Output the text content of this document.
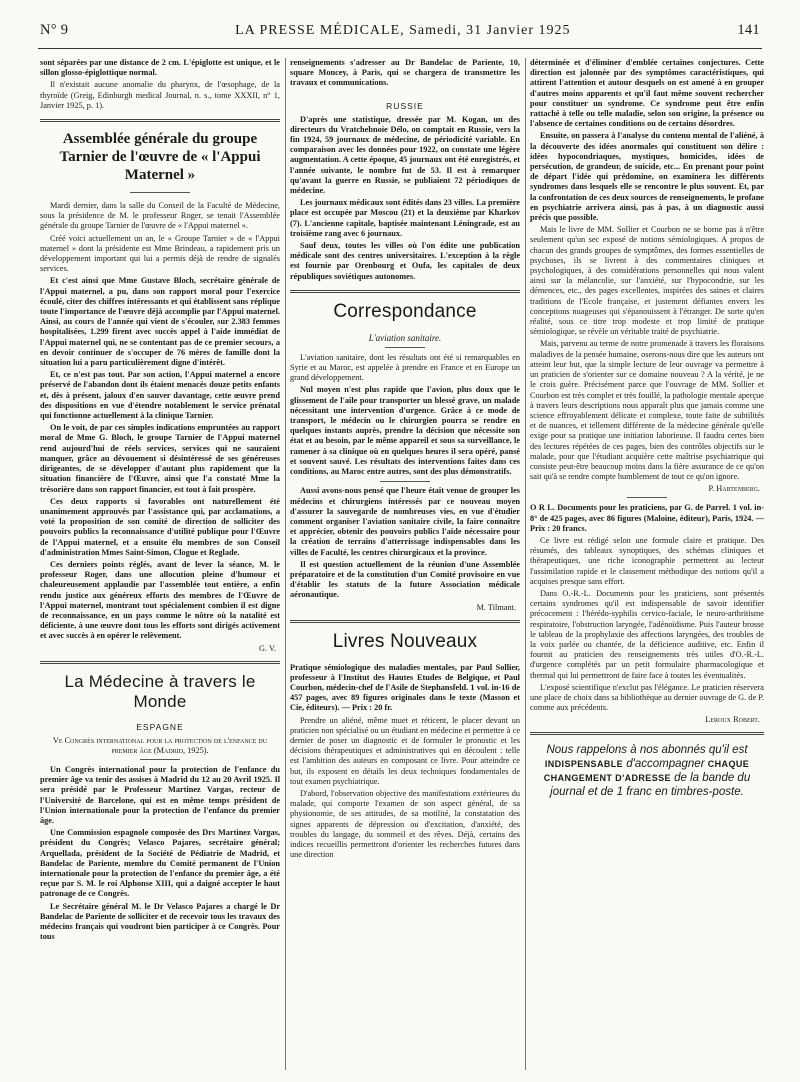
N° 9	LA PRESSE MÉDICALE, Samedi, 31 Janvier 1925	141

sont séparées par une distance de 2 cm. L'épiglotte est unique, et le sillon glosso-épiglottique normal.

Il n'existait aucune anomalie du pharynx, de l'œsophage, de la thyroïde (Greig, Edinburgh medical Journal, n. s., tome XXXII, n° 1, Janvier 1925, p. 1).

Assemblée générale du groupe Tarnier de l'œuvre de « l'Appui Maternel »

Mardi dernier, dans la salle du Conseil de la Faculté de Médecine, sous la présidence de M. le professeur Roger, se tenait l'Assemblée générale du groupe Tarnier de l'œuvre de « l'Appui maternel ».

Créé voici actuellement un an, le « Groupe Tarnier » de « l'Appui maternel » dont la présidente est Mme Brindeau, a rapidement pris un développement important qui lui a permis déjà de rendre de signalés services.

Et c'est ainsi que Mme Gustave Bloch, secrétaire générale de l'Appui maternel, a pu, dans son rapport moral pour l'exercice écoulé, citer des chiffres intéressants et qui établissent sans réplique toute l'importance de l'œuvre déjà accomplie par l'Appui maternel. Ainsi, au cours de l'année qui vient de s'écouler, sur 2.383 femmes hospitalisées, 1.299 firent avec succès appel à l'aide immédiat de l'Appui maternel qui, ne se contentant pas de ce premier secours, a en devoir continuer de s'occuper de 76 mères de famille dont la situation lui a paru particulièrement digne d'intérêt.

Et, ce n'est pas tout. Par son action, l'Appui maternel a encore préservé de l'abandon dont ils étaient menacés douze petits enfants et, dès à présent, jaloux d'en sauver davantage, cette œuvre prend des dispositions en vue d'étendre notablement le service prénatal qui fonctionne actuellement à la clinique Tarnier.

On le voit, de par ces simples indications empruntées au rapport moral de Mme G. Bloch, le groupe Tarnier de l'Appui maternel rend aujourd'hui de réels services, services qui ne sauraient manquer, grâce au dévouement si désintéressé de ses généreuses dirigeantes, de se développer d'autant plus rapidement que la situation financière de l'Œuvre, ainsi que l'a constaté Mme la trésorière dans son rapport financier, est tout à fait prospère.

Ces deux rapports si favorables ont naturellement été unanimement approuvés par l'assistance qui, par acclamations, a voté la proposition de son comité de direction de solliciter des pouvoirs publics la reconnaissance d'utilité publique pour l'Œuvre de l'Appui maternel, et a ensuite élu membres de son Conseil d'administration Mmes Saint-Simon, Clogue et Reglade.

Ces derniers points réglés, avant de lever la séance, M. le professeur Roger, dans une allocution pleine d'humour et chaleureusement applaudie par l'assemblée tout entière, a enfin rendu justice aux généreux efforts des membres de l'Œuvre de l'Appui maternel, montrant tout spécialement combien il est digne de reconnaissance, en un pays comme le nôtre où la natalité est déficiente, à une œuvre dont tous les efforts sont dirigés activement et avec succès à en opérer le relèvement.

G. V.
La Médecine à travers le Monde
ESPAGNE

Ve Congrès international pour la protection de l'enfance du premier âge (Madrid, 1925).

Un Congrès international pour la protection de l'enfance du premier âge va tenir des assises à Madrid du 12 au 20 Avril 1925. Il sera présidé par le Professeur Martinez Vargas, recteur de l'Université de Barcelone, qui est en même temps président de l'Union internationale pour la protection de l'enfance du premier âge.

Une Commission espagnole composée des Drs Martinez Vargas, président du Congrès; Velasco Pajares, secrétaire général; Arquellada, président de la Société de Pédiatrie de Madrid, et Bandelac de Pariente, membre du Comité permanent de l'Union internationale pour la protection de l'enfance du premier âge, a été reçue par S. M. le roi Alphonse XIII, qui a daigné accepter le haut patronage de ce Congrès.

Le Secrétaire général M. le Dr Velasco Pajares a chargé le Dr Bandelac de Pariente de solliciter et de recevoir tous les travaux des médecins français qui voudront bien participer à ce Congrès. Pour tous

renseignements s'adresser au Dr Bandelac de Pariente, 10, square Moncey, à Paris, qui se chargera de transmettre les travaux et communications.

RUSSIE

D'après une statistique, dressée par M. Kogan, un des directeurs du Vratchebnoie Délo, on comptait en Russie, vers la fin 1924, 59 journaux de médecine, de périodicité variable. En comparaison avec les données pour 1922, on constate une légère augmentation. A cette époque, 45 journaux ont été enregistrés, et l'année suivante, le nombre fut de 53. Il est à remarquer qu'avant la guerre en Russie, se publiaient 72 périodiques de médecine.

Les journaux médicaux sont édités dans 23 villes. La première place est occupée par Moscou (21) et la deuxième par Kharkov (7). L'ancienne capitale, baptisée maintenant Léningrade, est au troisième rang avec 6 journaux.

Sauf deux, toutes les villes où l'on édite une publication médicale sont des centres universitaires. L'exception à la règle est fournie par Orenbourg et Oufa, les capitales de deux républiques soviétiques autonomes.

Correspondance
L'aviation sanitaire.

L'aviation sanitaire, dont les résultats ont été si remarquables en Syrie et au Maroc, est appelée à prendre en France et en Europe un grand développement.

Nul moyen n'est plus rapide que l'avion, plus doux que le glissement de l'aile pour transporter un blessé grave, un malade nécessitant une intervention d'urgence. Grâce à ce mode de transport, le médecin ou le chirurgien pourra se rendre en quelques instants auprès, prendre la décision que nécessite son état et au besoin, par le même appareil et sous sa surveillance, le ramener à sa clinique où en quelques heures il sera opéré, pansé et souvent sauvé. Les résultats des interventions faites dans ces conditions, au Maroc entre autres, sont des plus démonstratifs.

Aussi avons-nous pensé que l'heure était venue de grouper les médecins et chirurgiens intéressés par ce nouveau moyen d'assurer la sauvegarde de nombreuses vies, en vue d'étudier comment organiser l'aviation sanitaire civile, la faire connaître et apprécier, obtenir des pouvoirs publics l'aide nécessaire pour la création de terrains d'atterrissage indispensables dans les villes de Faculté, les centres chirurgicaux et la province.

Il est question actuellement de la réunion d'une Assemblée préparatoire et de la constitution d'un Comité provisoire en vue d'établir les statuts de la future Association médicale aéronautique.

M. Tilmant.
Livres Nouveaux

Pratique sémiologique des maladies mentales, par Paul Sollier, professeur à l'Institut des Hautes Etudes de Belgique, et Paul Courbon, médecin-chef de l'Asile de Stephansfeld. 1 vol. in-16 de 457 pages, avec 89 figures originales dans le texte (Masson et Cie, éditeurs). — Prix : 20 fr.

Prendre un aliéné, même muet et réticent, le placer devant un praticien non spécialisé ou un étudiant en médecine et permettre à ce dernier de poser un diagnostic et de formuler le pronostic et les décisions thérapeutiques et administratives qui en découlent : telle est l'ambition des auteurs en composant ce livre. Pour atteindre ce but, ils exposent en détails les deux techniques fondamentales de tout examen psychiatrique.

D'abord, l'observation objective des manifestations extérieures du malade, qui comporte l'examen de son aspect général, de sa physionomie, de ses attitudes, de sa motilité, la constatation des signes apparents de dépression ou d'excitation, d'anxiété, des troubles du langage, du sommeil et des rêves. Déjà, certains des indices recueillis permettront d'orienter les recherches futures dans une direction

déterminée et d'éliminer d'emblée certaines conjectures. Cette direction est jalonnée par des symptômes caractéristiques, qui attirent l'attention et autour desquels on est amené à en grouper d'autres moins apparents et qu'il faut même souvent rechercher pour constituer un syndrome. Ce syndrome peut être enfin rattaché à telle ou telle maladie, selon son origine, la présence ou l'absence de certaines conditions ou de certains désordres.

Ensuite, on passera à l'analyse du contenu mental de l'aliéné, à la découverte des idées anormales qui constituent son délire : idées hypocondriaques, mystiques, homicides, idées de persécution, de grandeur, de suicide, etc... En prenant pour point de départ l'idée qui prédomine, on examinera les différents syndromes dans lesquels elle se rencontre le plus souvent. Et, par la confrontation de ces deux sources de renseignements, le profane en psychiatrie arrivera ainsi, pas à pas, à un diagnostic aussi précis que possible.

Mais le livre de MM. Sollier et Courbon ne se borne pas à n'être seulement qu'un sec exposé de notions sémiologiques. A propos de chacun des grands groupes de symptômes, des formes essentielles de psychoses, ils se livrent à des commentaires cliniques et psychologiques, à des considérations personnelles qui nous valent ainsi sur la mélancolie, sur l'anxiété, sur l'hypocondrie, sur les démences, etc., des pages excellentes, inspirées des saines et claires traditions de l'Ecole française, et justement défiantes envers les conceptions nuageuses qui s'épanouissent à l'étranger. De sorte qu'en réalité, sous ce titre trop modeste et trop limité de pratique sémiologique, se révèle un véritable traité de psychiatrie.

Mais, parvenu au terme de notre promenade à travers les floraisons maladives de la pensée humaine, oserons-nous dire que les auteurs ont atteint leur but, que la simple lecture de leur ouvrage va permettre à un praticien de s'orienter sur ce domaine nouveau ? A la vérité, je ne le crois guère. Précisément parce que l'ouvrage de MM. Sollier et Courbon est très complet et très fouillé, la pathologie mentale aperçue à travers leurs descriptions nous apparaît plus que jamais comme une science effroyablement délicate et complexe, toute faite de subtilités et de nuances, et tellement différente de la médecine générale qu'elle exige pour sa pratique une initiation laborieuse. Il faudra certes bien des lectures répétées de ces pages, bien des contrôles objectifs sur le malade, pour que l'étudiant acquière cette maîtrise psychiatrique qui consiste peut-être beaucoup moins dans la fière assurance de ce qu'on sait qu'à se rendre compte humblement de tout ce qu'on ignore.

P. Hartenberg.

O R L. Documents pour les praticiens, par G. de Parrel. 1 vol. in-8° de 425 pages, avec 86 figures (Maloine, éditeur), Paris, 1924. — Prix : 20 francs.

Ce livre est rédigé selon une formule claire et pratique. Des résumés, des tableaux synoptiques, des schémas cliniques et thérapeutiques, une riche iconographie permettent au lecteur l'assimilation rapide et le classement méthodique des notions qu'il a acquises presque sans effort.

Dans O.-R.-L. Documents pour les praticiens, sont présentés certains syndromes qu'il est indispensable de savoir identifier précocement : l'hérédo-syphilis cervico-faciale, le neuro-arthritisme respiratoire, l'obstruction laryngée, l'adénoïdisme. Puis l'auteur brosse le tableau de la prophylaxie des affections laryngées, des troubles de la voix parlée ou chantée, de la déficience auditive, etc. Enfin il fournit au praticien des renseignements très utiles d'O.-R.-L. d'urgence complétés par un petit formulaire pharmacologique et thermal qui lui permettront de faire face à toutes les éventualités.

L'exposé scientifique n'exclut pas l'élégance. Le praticien réservera une place de choix dans sa bibliothèque au dernier ouvrage de G. de P. comme aux précédents.

Leroux Robert.
Nous rappelons à nos abonnés qu'il est INDISPENSABLE d'accompagner CHAQUE CHANGEMENT D'ADRESSE de la bande du journal et de 1 franc en timbres-poste.
